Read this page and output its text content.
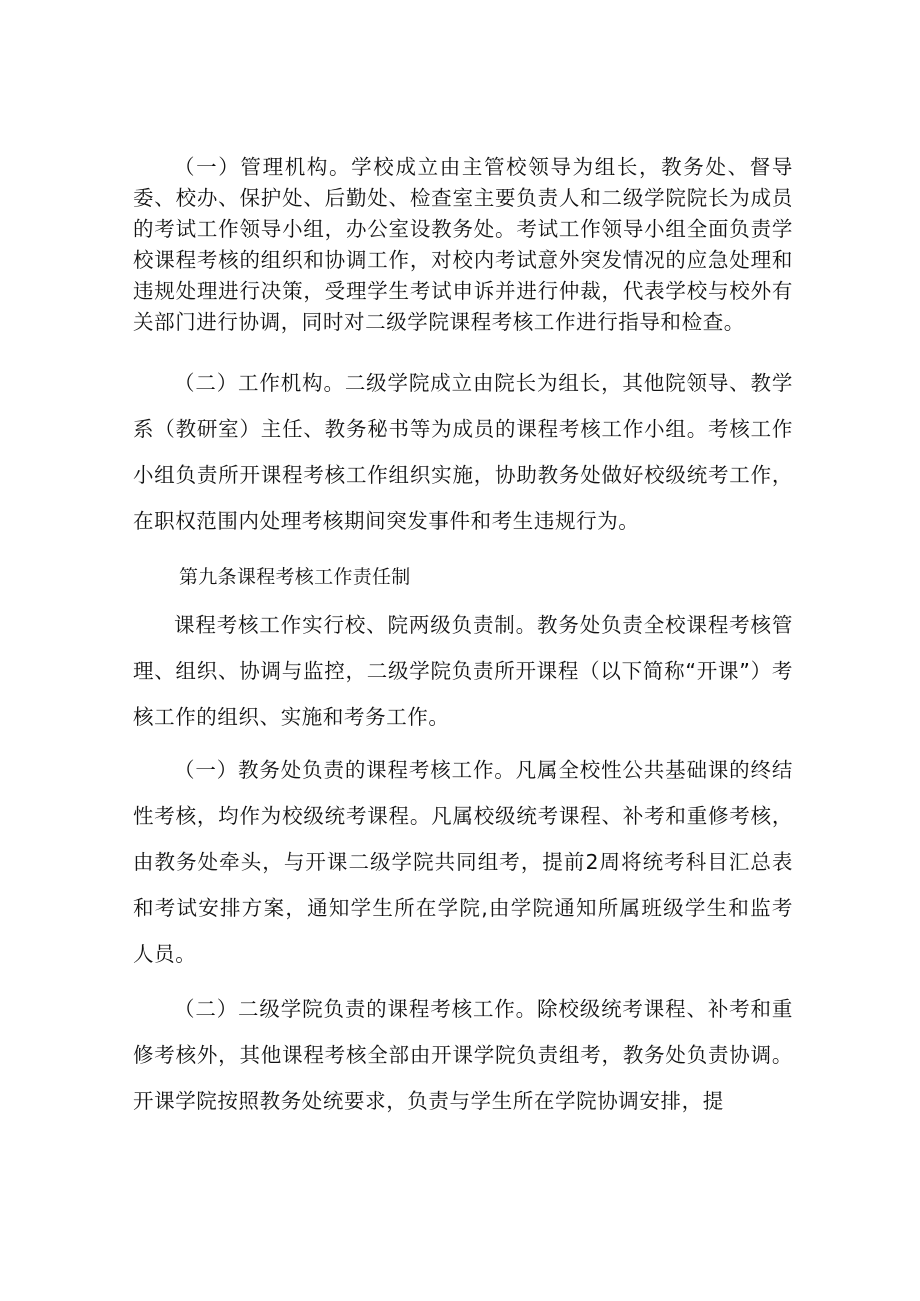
（一）管理机构。学校成立由主管校领导为组长，教务处、督导委、校办、保护处、后勤处、检查室主要负责人和二级学院院长为成员的考试工作领导小组，办公室设教务处。考试工作领导小组全面负责学校课程考核的组织和协调工作，对校内考试意外突发情况的应急处理和违规处理进行决策，受理学生考试申诉并进行仲裁，代表学校与校外有关部门进行协调，同时对二级学院课程考核工作进行指导和检查。

（二）工作机构。二级学院成立由院长为组长，其他院领导、教学系（教研室）主任、教务秘书等为成员的课程考核工作小组。考核工作小组负责所开课程考核工作组织实施，协助教务处做好校级统考工作，在职权范围内处理考核期间突发事件和考生违规行为。

第九条课程考核工作责任制

课程考核工作实行校、院两级负责制。教务处负责全校课程考核管理、组织、协调与监控，二级学院负责所开课程（以下简称“开课”）考核工作的组织、实施和考务工作。

（一）教务处负责的课程考核工作。凡属全校性公共基础课的终结性考核，均作为校级统考课程。凡属校级统考课程、补考和重修考核，由教务处牵头，与开课二级学院共同组考，提前2周将统考科目汇总表和考试安排方案，通知学生所在学院,由学院通知所属班级学生和监考人员。

（二）二级学院负责的课程考核工作。除校级统考课程、补考和重修考核外，其他课程考核全部由开课学院负责组考，教务处负责协调。开课学院按照教务处统要求，负责与学生所在学院协调安排，提
